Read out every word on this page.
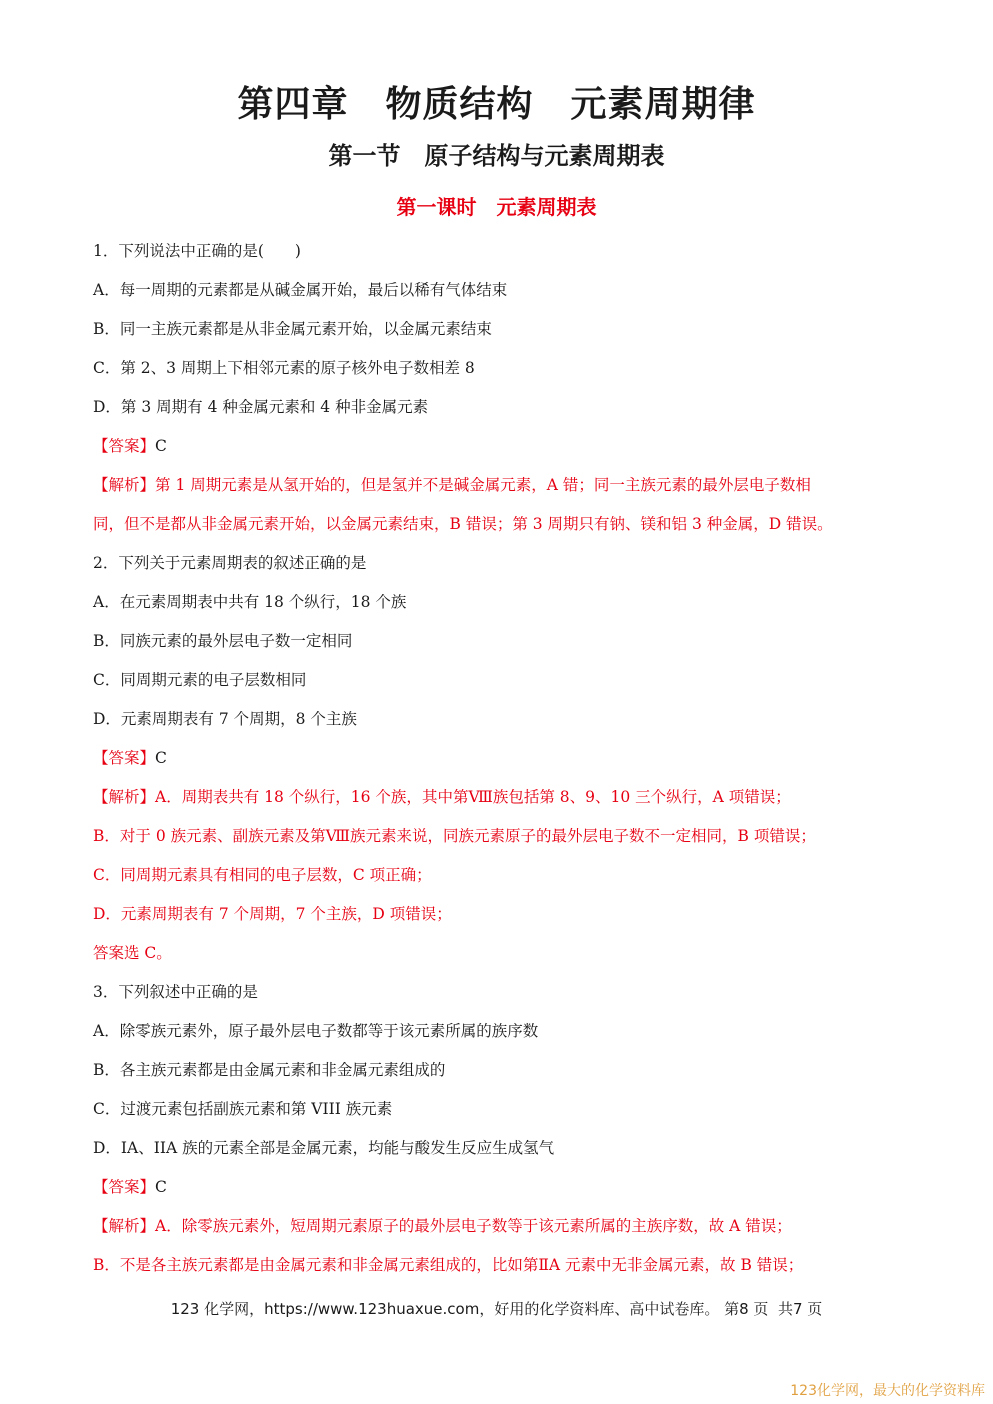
第四章　物质结构　元素周期律
第一节　原子结构与元素周期表
第一课时　元素周期表
1．下列说法中正确的是(　　)
A．每一周期的元素都是从碱金属开始，最后以稀有气体结束
B．同一主族元素都是从非金属元素开始，以金属元素结束
C．第 2、3 周期上下相邻元素的原子核外电子数相差 8
D．第 3 周期有 4 种金属元素和 4 种非金属元素
【答案】C
【解析】第 1 周期元素是从氢开始的，但是氢并不是碱金属元素，A 错；同一主族元素的最外层电子数相
同，但不是都从非金属元素开始，以金属元素结束，B 错误；第 3 周期只有钠、镁和铝 3 种金属，D 错误。
2．下列关于元素周期表的叙述正确的是
A．在元素周期表中共有 18 个纵行，18 个族
B．同族元素的最外层电子数一定相同
C．同周期元素的电子层数相同
D．元素周期表有 7 个周期，8 个主族
【答案】C
【解析】A．周期表共有 18 个纵行，16 个族，其中第Ⅷ族包括第 8、9、10 三个纵行，A 项错误；
B．对于 0 族元素、副族元素及第Ⅷ族元素来说，同族元素原子的最外层电子数不一定相同，B 项错误；
C．同周期元素具有相同的电子层数，C 项正确；
D．元素周期表有 7 个周期，7 个主族，D 项错误；
答案选 C。
3．下列叙述中正确的是
A．除零族元素外，原子最外层电子数都等于该元素所属的族序数
B．各主族元素都是由金属元素和非金属元素组成的
C．过渡元素包括副族元素和第 VIII 族元素
D．IA、IIA 族的元素全部是金属元素，均能与酸发生反应生成氢气
【答案】C
【解析】A．除零族元素外，短周期元素原子的最外层电子数等于该元素所属的主族序数，故 A 错误；
B．不是各主族元素都是由金属元素和非金属元素组成的，比如第ⅡA 元素中无非金属元素，故 B 错误；
123 化学网，https://www.123huaxue.com，好用的化学资料库、高中试卷库。 第8 页  共7 页
123化学网，最大的化学资料库
